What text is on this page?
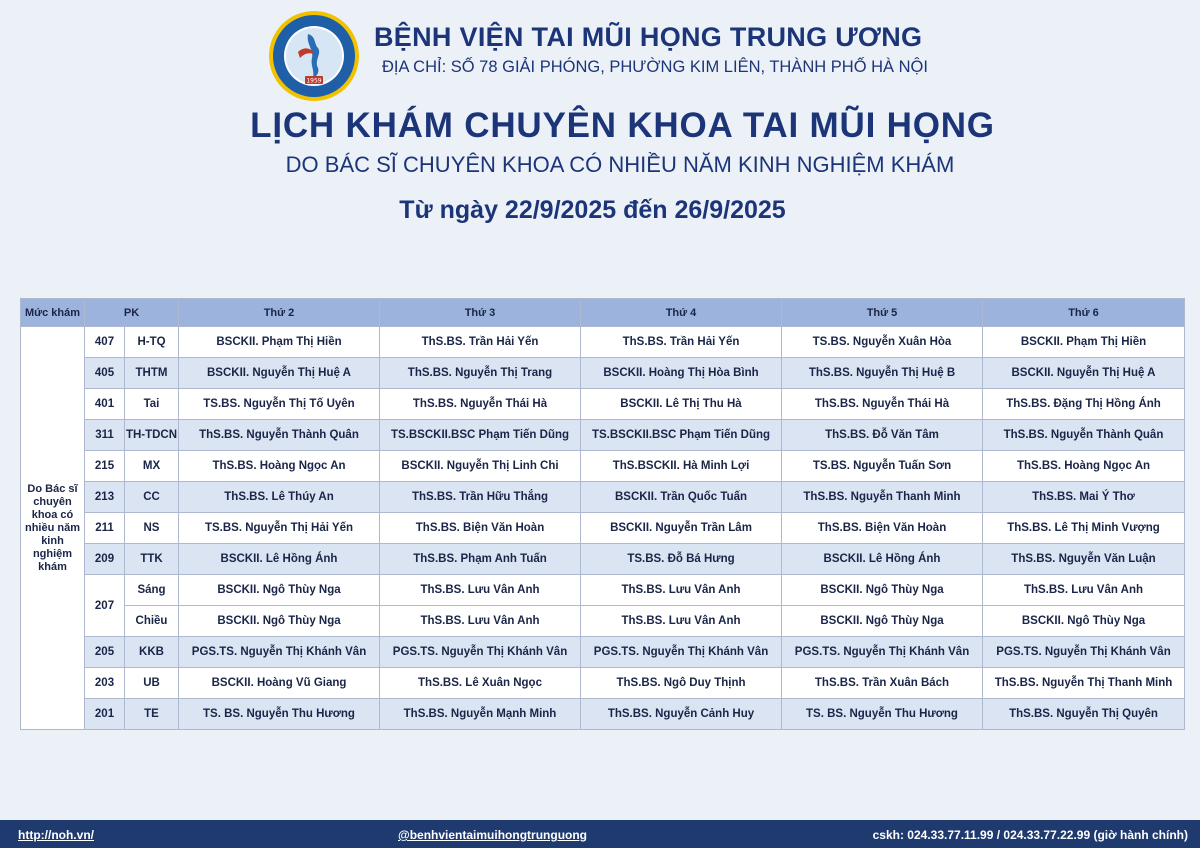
1959
BỆNH VIỆN TAI MŨI HỌNG TRUNG ƯƠNG
ĐỊA CHỈ: SỐ 78 GIẢI PHÓNG, PHƯỜNG KIM LIÊN, THÀNH PHỐ HÀ NỘI
LỊCH KHÁM CHUYÊN KHOA TAI MŨI HỌNG
DO BÁC SĨ CHUYÊN KHOA CÓ NHIỀU NĂM KINH NGHIỆM KHÁM
Từ ngày 22/9/2025 đến 26/9/2025
Mức khám	PK		Thứ 2	Thứ 3	Thứ 4	Thứ 5	Thứ 6
Do Bác sĩ chuyên khoa có nhiều năm kinh nghiệm khám	407	H-TQ	BSCKII. Phạm Thị Hiền	ThS.BS. Trần Hải Yến	ThS.BS. Trần Hải Yến	TS.BS. Nguyễn Xuân Hòa	BSCKII. Phạm Thị Hiền
	405	THTM	BSCKII. Nguyễn Thị Huệ A	ThS.BS. Nguyễn Thị Trang	BSCKII. Hoàng Thị Hòa Bình	ThS.BS. Nguyễn Thị Huệ B	BSCKII. Nguyễn Thị Huệ A
	401	Tai	TS.BS. Nguyễn Thị Tố Uyên	ThS.BS. Nguyễn Thái Hà	BSCKII. Lê Thị Thu Hà	ThS.BS. Nguyễn Thái Hà	ThS.BS. Đặng Thị Hồng Ánh
	311	TH-TDCN	ThS.BS. Nguyễn Thành Quân	TS.BSCKII.BSC Phạm Tiến Dũng	TS.BSCKII.BSC Phạm Tiến Dũng	ThS.BS. Đỗ Văn Tâm	ThS.BS. Nguyễn Thành Quân
	215	MX	ThS.BS. Hoàng Ngọc An	BSCKII. Nguyễn Thị Linh Chi	ThS.BSCKII. Hà Minh Lợi	TS.BS. Nguyễn Tuấn Sơn	ThS.BS. Hoàng Ngọc An
	213	CC	ThS.BS. Lê Thúy An	ThS.BS. Trần Hữu Thắng	BSCKII. Trần Quốc Tuấn	ThS.BS. Nguyễn Thanh Minh	ThS.BS. Mai Ý Thơ
	211	NS	TS.BS. Nguyễn Thị Hải Yến	ThS.BS. Biện Văn Hoàn	BSCKII. Nguyễn Trần Lâm	ThS.BS. Biện Văn Hoàn	ThS.BS. Lê Thị Minh Vượng
	209	TTK	BSCKII. Lê Hồng Ánh	ThS.BS. Phạm Anh Tuấn	TS.BS. Đỗ Bá Hưng	BSCKII. Lê Hồng Ánh	ThS.BS. Nguyễn Văn Luận
	207	Sáng	BSCKII. Ngô Thùy Nga	ThS.BS. Lưu Vân Anh	ThS.BS. Lưu Vân Anh	BSCKII. Ngô Thùy Nga	ThS.BS. Lưu Vân Anh
		Chiều	BSCKII. Ngô Thùy Nga	ThS.BS. Lưu Vân Anh	ThS.BS. Lưu Vân Anh	BSCKII. Ngô Thùy Nga	BSCKII. Ngô Thùy Nga
	205	KKB	PGS.TS. Nguyễn Thị Khánh Vân	PGS.TS. Nguyễn Thị Khánh Vân	PGS.TS. Nguyễn Thị Khánh Vân	PGS.TS. Nguyễn Thị Khánh Vân	PGS.TS. Nguyễn Thị Khánh Vân
	203	UB	BSCKII. Hoàng Vũ Giang	ThS.BS. Lê Xuân Ngọc	ThS.BS. Ngô Duy Thịnh	ThS.BS. Trần Xuân Bách	ThS.BS. Nguyễn Thị Thanh Minh
	201	TE	TS. BS. Nguyễn Thu Hương	ThS.BS. Nguyễn Mạnh Minh	ThS.BS. Nguyễn Cảnh Huy	TS. BS. Nguyễn Thu Hương	ThS.BS. Nguyễn Thị Quyên
http://noh.vn/	@benhvientaimuihongtrunguong	cskh: 024.33.77.11.99 / 024.33.77.22.99 (giờ hành chính)
